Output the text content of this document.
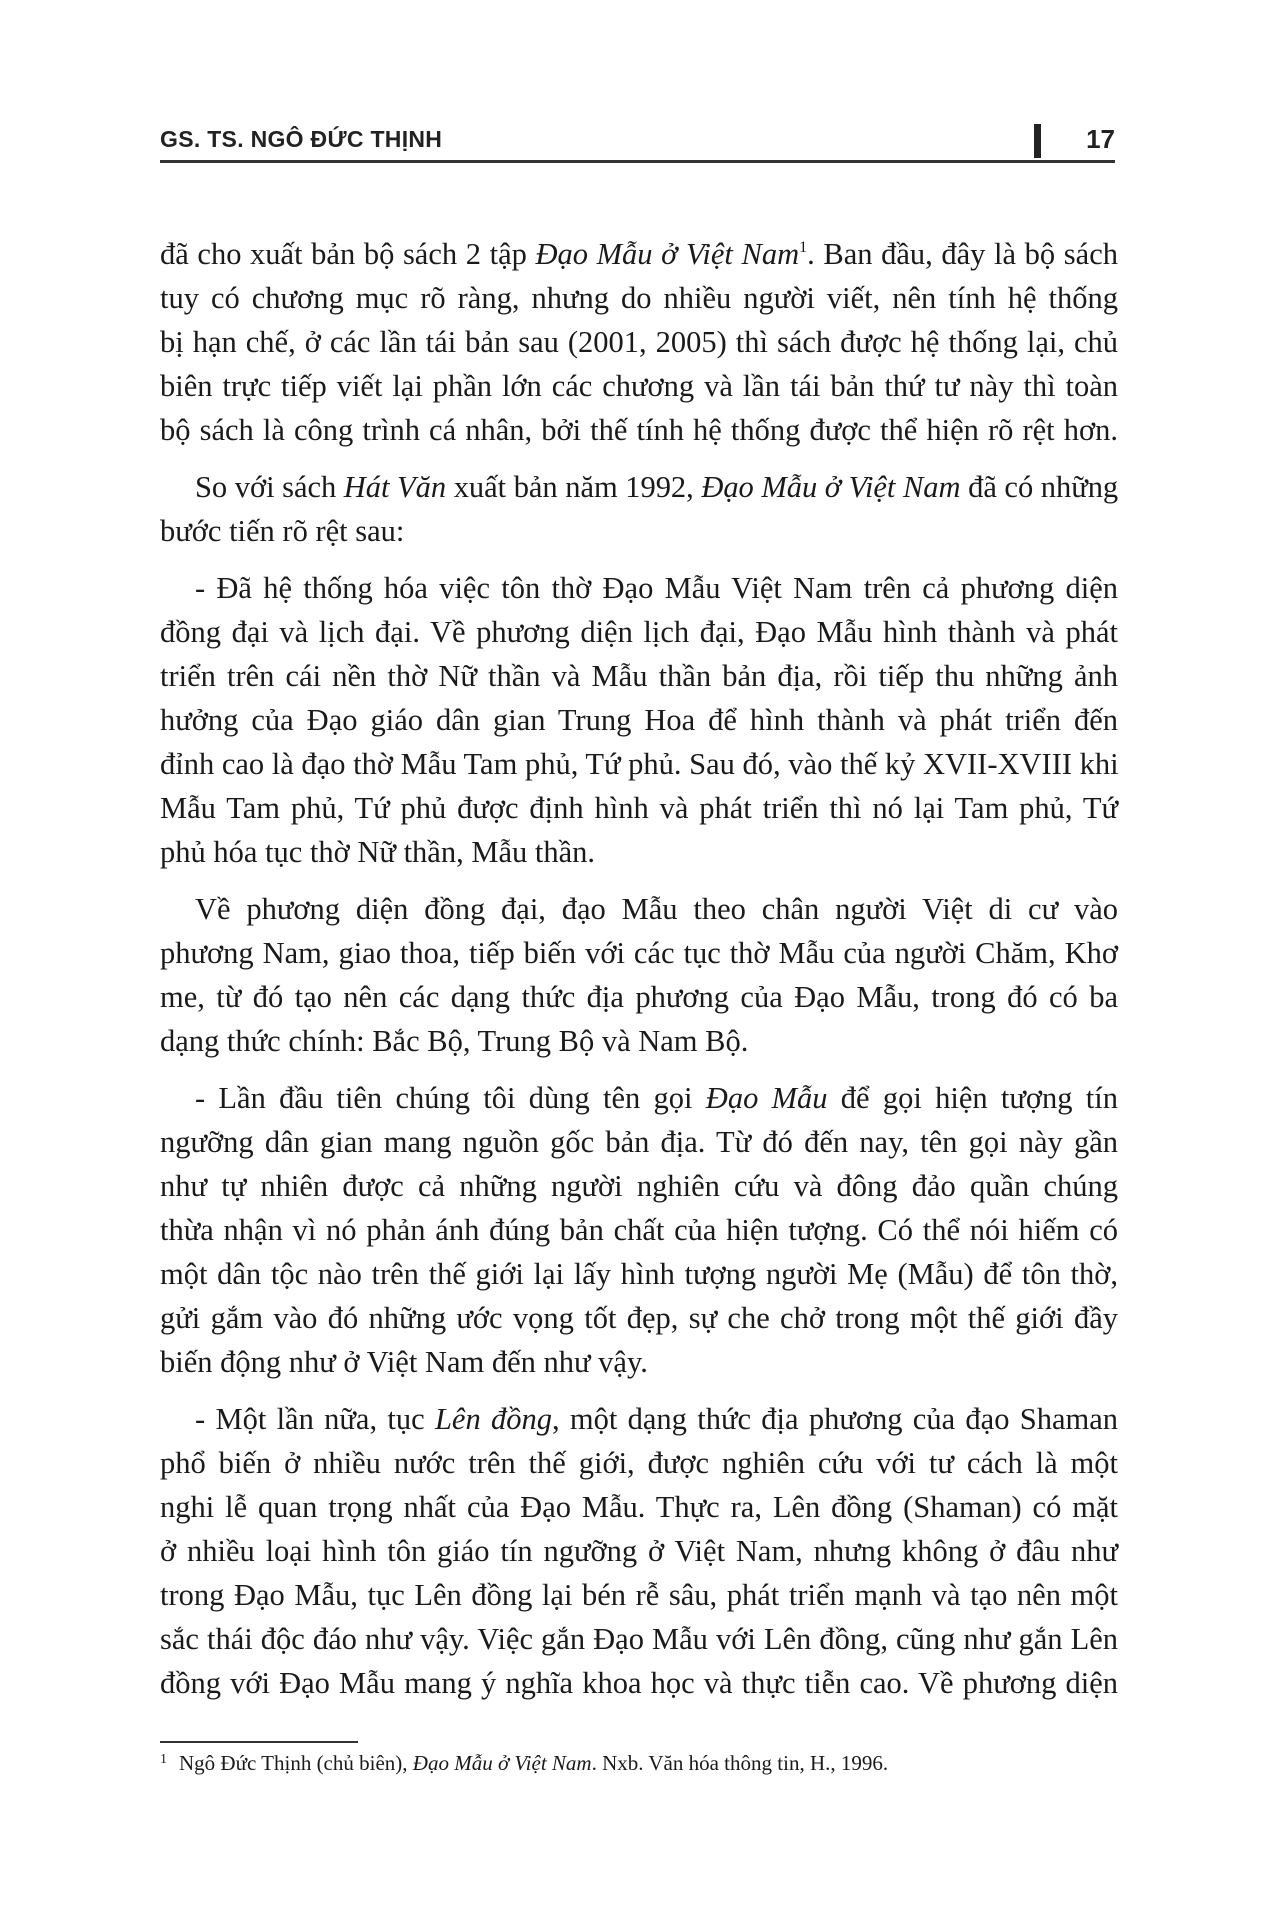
GS. TS. NGÔ ĐỨC THỊNH	17
đã cho xuất bản bộ sách 2 tập Đạo Mẫu ở Việt Nam$^1$. Ban đầu, đây là bộ sách
tuy có chương mục rõ ràng, nhưng do nhiều người viết, nên tính hệ thống
bị hạn chế, ở các lần tái bản sau (2001, 2005) thì sách được hệ thống lại, chủ
biên trực tiếp viết lại phần lớn các chương và lần tái bản thứ tư này thì toàn
bộ sách là công trình cá nhân, bởi thế tính hệ thống được thể hiện rõ rệt hơn.
So với sách Hát Văn xuất bản năm 1992, Đạo Mẫu ở Việt Nam đã có những
bước tiến rõ rệt sau:
- Đã hệ thống hóa việc tôn thờ Đạo Mẫu Việt Nam trên cả phương diện
đồng đại và lịch đại. Về phương diện lịch đại, Đạo Mẫu hình thành và phát
triển trên cái nền thờ Nữ thần và Mẫu thần bản địa, rồi tiếp thu những ảnh
hưởng của Đạo giáo dân gian Trung Hoa để hình thành và phát triển đến
đỉnh cao là đạo thờ Mẫu Tam phủ, Tứ phủ. Sau đó, vào thế kỷ XVII-XVIII khi
Mẫu Tam phủ, Tứ phủ được định hình và phát triển thì nó lại Tam phủ, Tứ
phủ hóa tục thờ Nữ thần, Mẫu thần.
Về phương diện đồng đại, đạo Mẫu theo chân người Việt di cư vào
phương Nam, giao thoa, tiếp biến với các tục thờ Mẫu của người Chăm, Khơ
me, từ đó tạo nên các dạng thức địa phương của Đạo Mẫu, trong đó có ba
dạng thức chính: Bắc Bộ, Trung Bộ và Nam Bộ.
- Lần đầu tiên chúng tôi dùng tên gọi Đạo Mẫu để gọi hiện tượng tín
ngưỡng dân gian mang nguồn gốc bản địa. Từ đó đến nay, tên gọi này gần
như tự nhiên được cả những người nghiên cứu và đông đảo quần chúng
thừa nhận vì nó phản ánh đúng bản chất của hiện tượng. Có thể nói hiếm có
một dân tộc nào trên thế giới lại lấy hình tượng người Mẹ (Mẫu) để tôn thờ,
gửi gắm vào đó những ước vọng tốt đẹp, sự che chở trong một thế giới đầy
biến động như ở Việt Nam đến như vậy.
- Một lần nữa, tục Lên đồng, một dạng thức địa phương của đạo Shaman
phổ biến ở nhiều nước trên thế giới, được nghiên cứu với tư cách là một
nghi lễ quan trọng nhất của Đạo Mẫu. Thực ra, Lên đồng (Shaman) có mặt
ở nhiều loại hình tôn giáo tín ngưỡng ở Việt Nam, nhưng không ở đâu như
trong Đạo Mẫu, tục Lên đồng lại bén rễ sâu, phát triển mạnh và tạo nên một
sắc thái độc đáo như vậy. Việc gắn Đạo Mẫu với Lên đồng, cũng như gắn Lên
đồng với Đạo Mẫu mang ý nghĩa khoa học và thực tiễn cao. Về phương diện
$^1$ Ngô Đức Thịnh (chủ biên), Đạo Mẫu ở Việt Nam. Nxb. Văn hóa thông tin, H., 1996.
